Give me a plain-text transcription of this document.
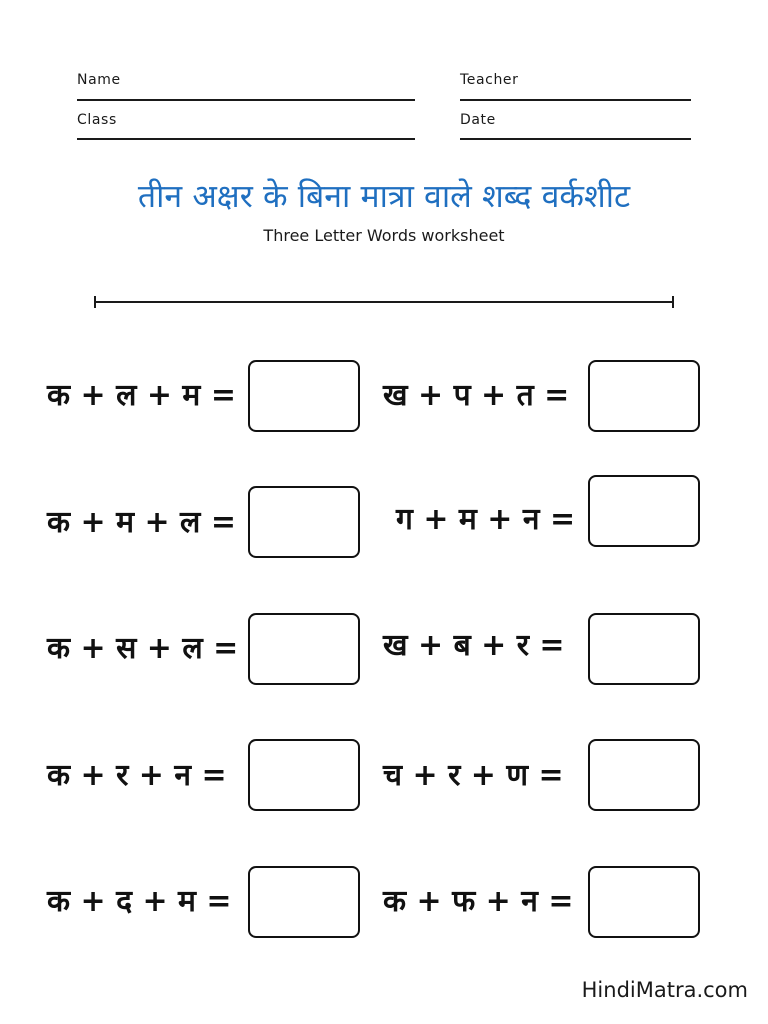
Name	Teacher
Class	Date
तीन अक्षर के बिना मात्रा वाले शब्द वर्कशीट
Three Letter Words worksheet
क + ल + म =	ख + प + त =
क + म + ल =	ग + म + न =
क + स + ल =	ख + ब + र =
क + र + न =	च + र + ण =
क + द + म =	क + फ + न =
HindiMatra.com
